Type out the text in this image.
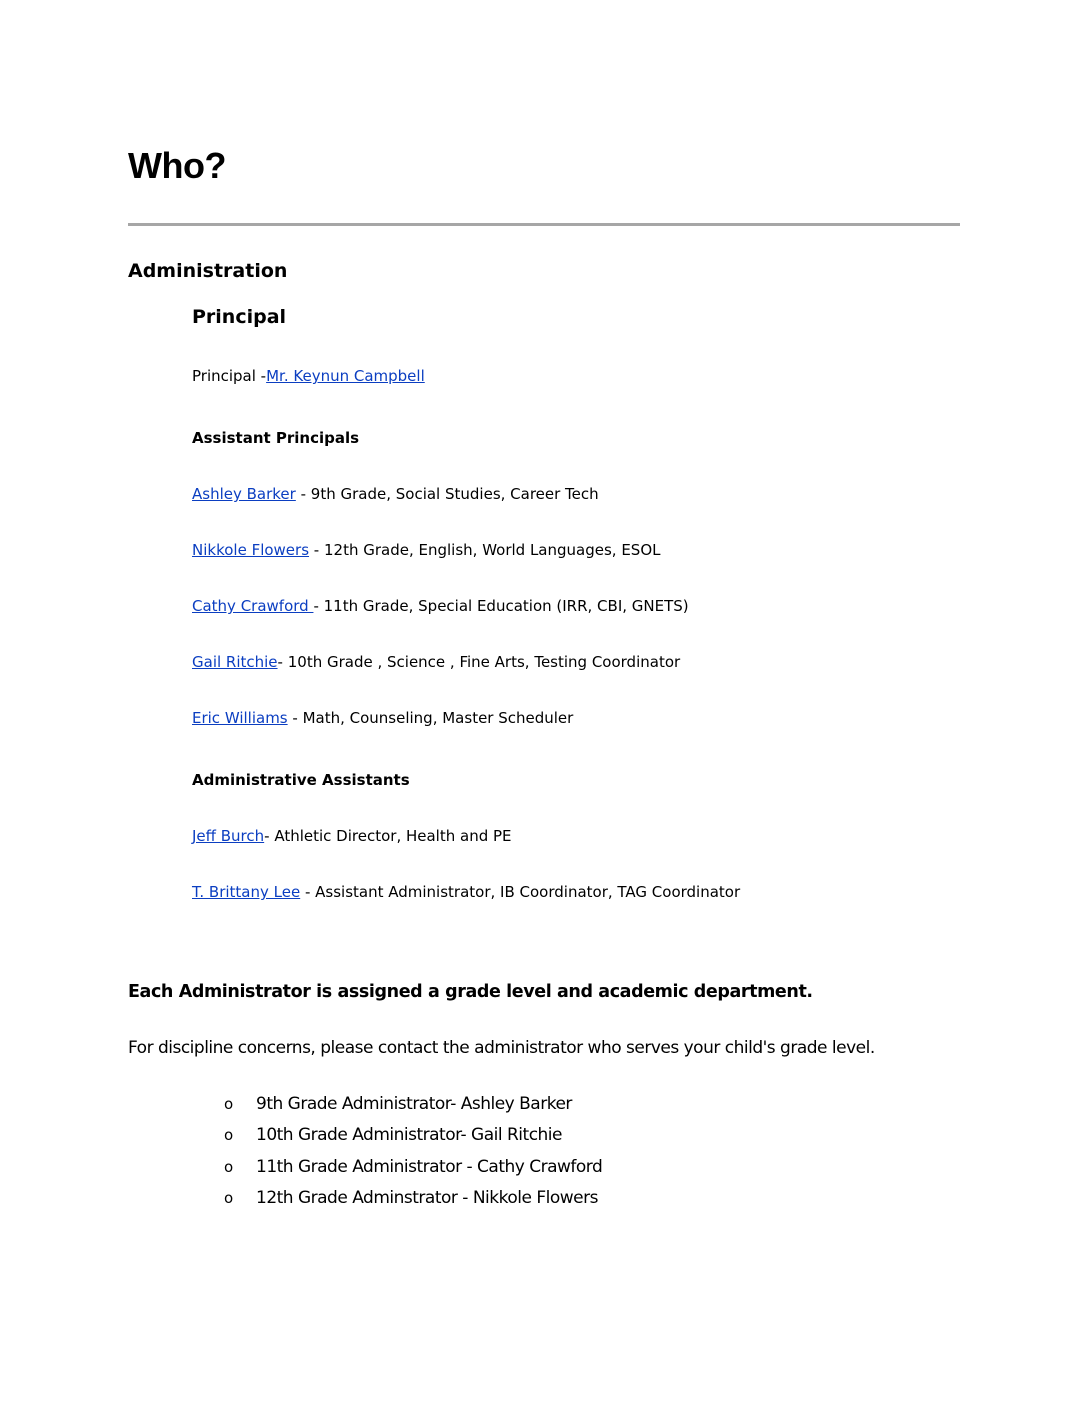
Who?
Administration
Principal

Principal -Mr. Keynun Campbell

Assistant Principals

Ashley Barker - 9th Grade, Social Studies, Career Tech

Nikkole Flowers - 12th Grade, English, World Languages, ESOL

Cathy Crawford - 11th Grade, Special Education (IRR, CBI, GNETS)

Gail Ritchie- 10th Grade , Science , Fine Arts, Testing Coordinator

Eric Williams - Math, Counseling, Master Scheduler

Administrative Assistants

Jeff Burch- Athletic Director, Health and PE

T. Brittany Lee - Assistant Administrator, IB Coordinator, TAG Coordinator

Each Administrator is assigned a grade level and academic department.

For discipline concerns, please contact the administrator who serves your child's grade level.

o 9th Grade Administrator- Ashley Barker
o 10th Grade Administrator- Gail Ritchie
o 11th Grade Administrator - Cathy Crawford
o 12th Grade Adminstrator - Nikkole Flowers
